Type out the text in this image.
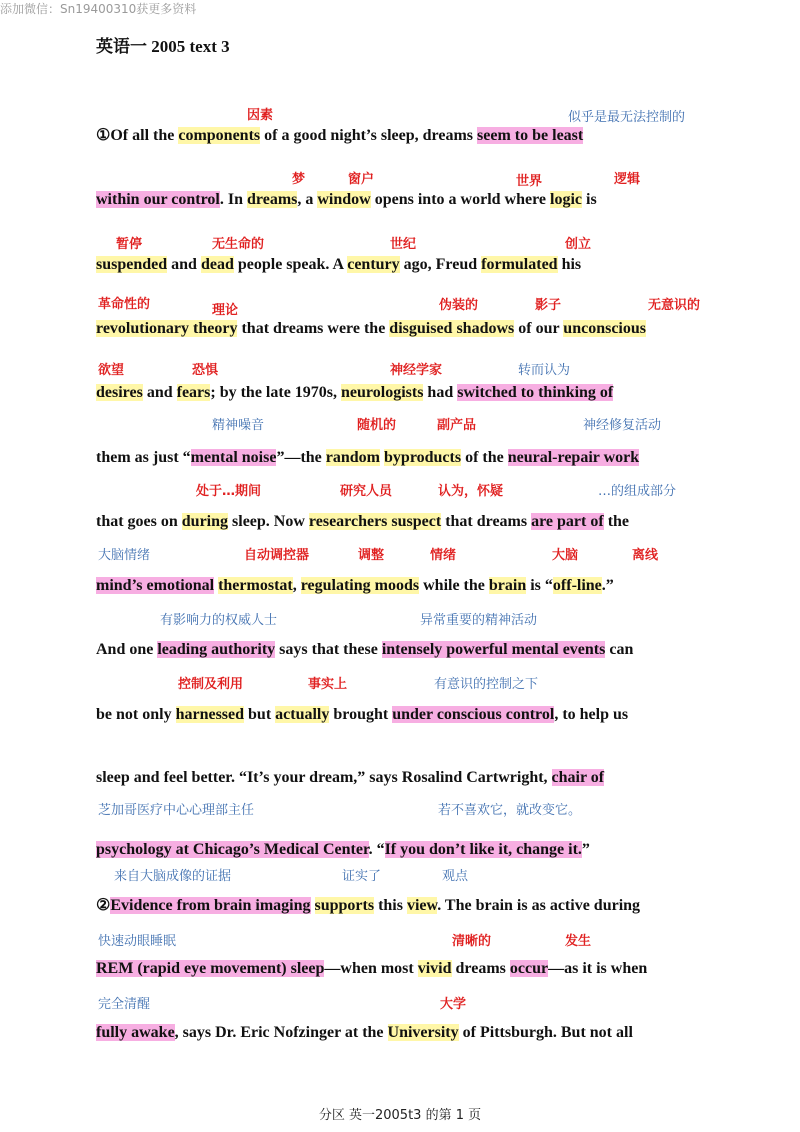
添加微信：Sn19400310获更多资料
英语一 2005 text 3
①Of all the components of a good night’s sleep, dreams seem to be least
within our control. In dreams, a window opens into a world where logic is
suspended and dead people speak. A century ago, Freud formulated his
revolutionary theory that dreams were the disguised shadows of our unconscious
desires and fears; by the late 1970s, neurologists had switched to thinking of
them as just “mental noise”—the random byproducts of the neural-repair work
that goes on during sleep. Now researchers suspect that dreams are part of the
mind’s emotional thermostat, regulating moods while the brain is “off-line.”
And one leading authority says that these intensely powerful mental events can
be not only harnessed but actually brought under conscious control, to help us
sleep and feel better. “It’s your dream,” says Rosalind Cartwright, chair of
psychology at Chicago’s Medical Center. “If you don’t like it, change it.”
②Evidence from brain imaging supports this view. The brain is as active during
REM (rapid eye movement) sleep—when most vivid dreams occur—as it is when
fully awake, says Dr. Eric Nofzinger at the University of Pittsburgh. But not all
因素	似乎是最无法控制的
梦	窗户	世界	逻辑
暂停	无生命的	世纪	创立
革命性的	理论	伪装的	影子	无意识的
欲望	恐惧	神经学家	转而认为
精神噪音	随机的	副产品	神经修复活动
处于…期间	研究人员	认为，怀疑	…的组成部分
大脑情绪	自动调控器	调整	情绪	大脑	离线
有影响力的权威人士	异常重要的精神活动
控制及利用	事实上	有意识的控制之下
芝加哥医疗中心心理部主任	若不喜欢它，就改变它。
来自大脑成像的证据	证实了	观点
快速动眼睡眠	清晰的	发生
完全清醒	大学
分区 英一2005t3 的第 1 页
